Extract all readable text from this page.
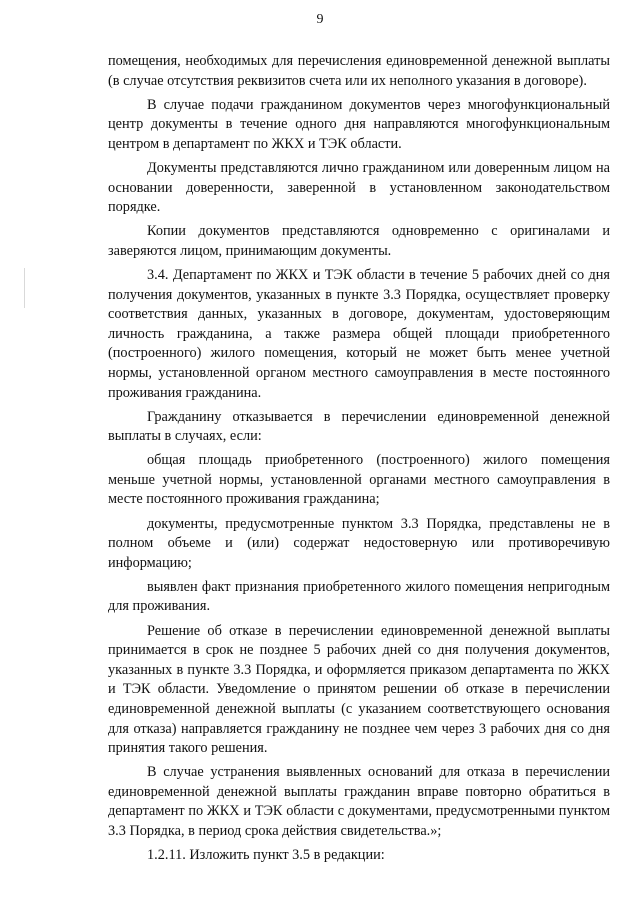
9

помещения, необходимых для перечисления единовременной денежной выплаты (в случае отсутствия реквизитов счета или их неполного указания в договоре).

В случае подачи гражданином документов через многофункциональный центр документы в течение одного дня направляются многофункциональным центром в департамент по ЖКХ и ТЭК области.

Документы представляются лично гражданином или доверенным лицом на основании доверенности, заверенной в установленном законодательством порядке.

Копии документов представляются одновременно с оригиналами и заверяются лицом, принимающим документы.

3.4. Департамент по ЖКХ и ТЭК области в течение 5 рабочих дней со дня получения документов, указанных в пункте 3.3 Порядка, осуществляет проверку соответствия данных, указанных в договоре, документам, удостоверяющим личность гражданина, а также размера общей площади приобретенного (построенного) жилого помещения, который не может быть менее учетной нормы, установленной органом местного самоуправления в месте постоянного проживания гражданина.

Гражданину отказывается в перечислении единовременной денежной выплаты в случаях, если:

общая площадь приобретенного (построенного) жилого помещения меньше учетной нормы, установленной органами местного самоуправления в месте постоянного проживания гражданина;

документы, предусмотренные пунктом 3.3 Порядка, представлены не в полном объеме и (или) содержат недостоверную или противоречивую информацию;

выявлен факт признания приобретенного жилого помещения непригодным для проживания.

Решение об отказе в перечислении единовременной денежной выплаты принимается в срок не позднее 5 рабочих дней со дня получения документов, указанных в пункте 3.3 Порядка, и оформляется приказом департамента по ЖКХ и ТЭК области. Уведомление о принятом решении об отказе в перечислении единовременной денежной выплаты (с указанием соответствующего основания для отказа) направляется гражданину не позднее чем через 3 рабочих дня со дня принятия такого решения.

В случае устранения выявленных оснований для отказа в перечислении единовременной денежной выплаты гражданин вправе повторно обратиться в департамент по ЖКХ и ТЭК области с документами, предусмотренными пунктом 3.3 Порядка, в период срока действия свидетельства.»;

1.2.11. Изложить пункт 3.5 в редакции:
